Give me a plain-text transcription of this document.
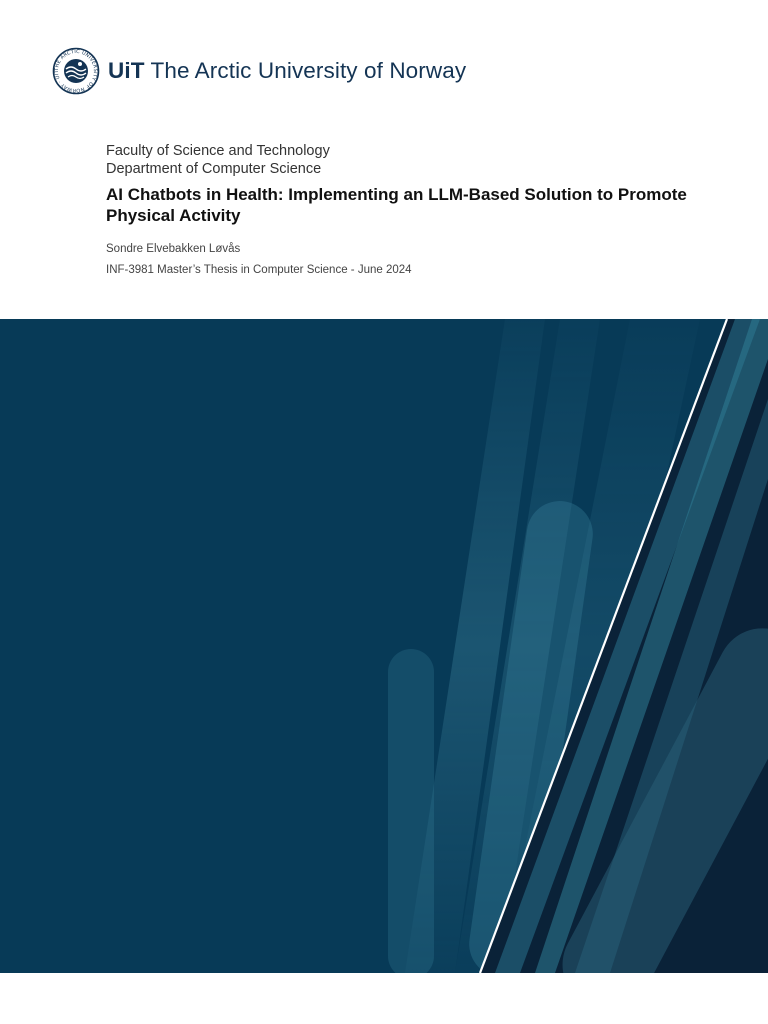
THE ARCTIC UNIVERSITY OF NORWAY · UIT	UiT The Arctic University of Norway
Faculty of Science and Technology
Department of Computer Science
AI Chatbots in Health: Implementing an LLM-Based Solution to Promote Physical Activity
Sondre Elvebakken Løvås
INF-3981 Master’s Thesis in Computer Science - June 2024
